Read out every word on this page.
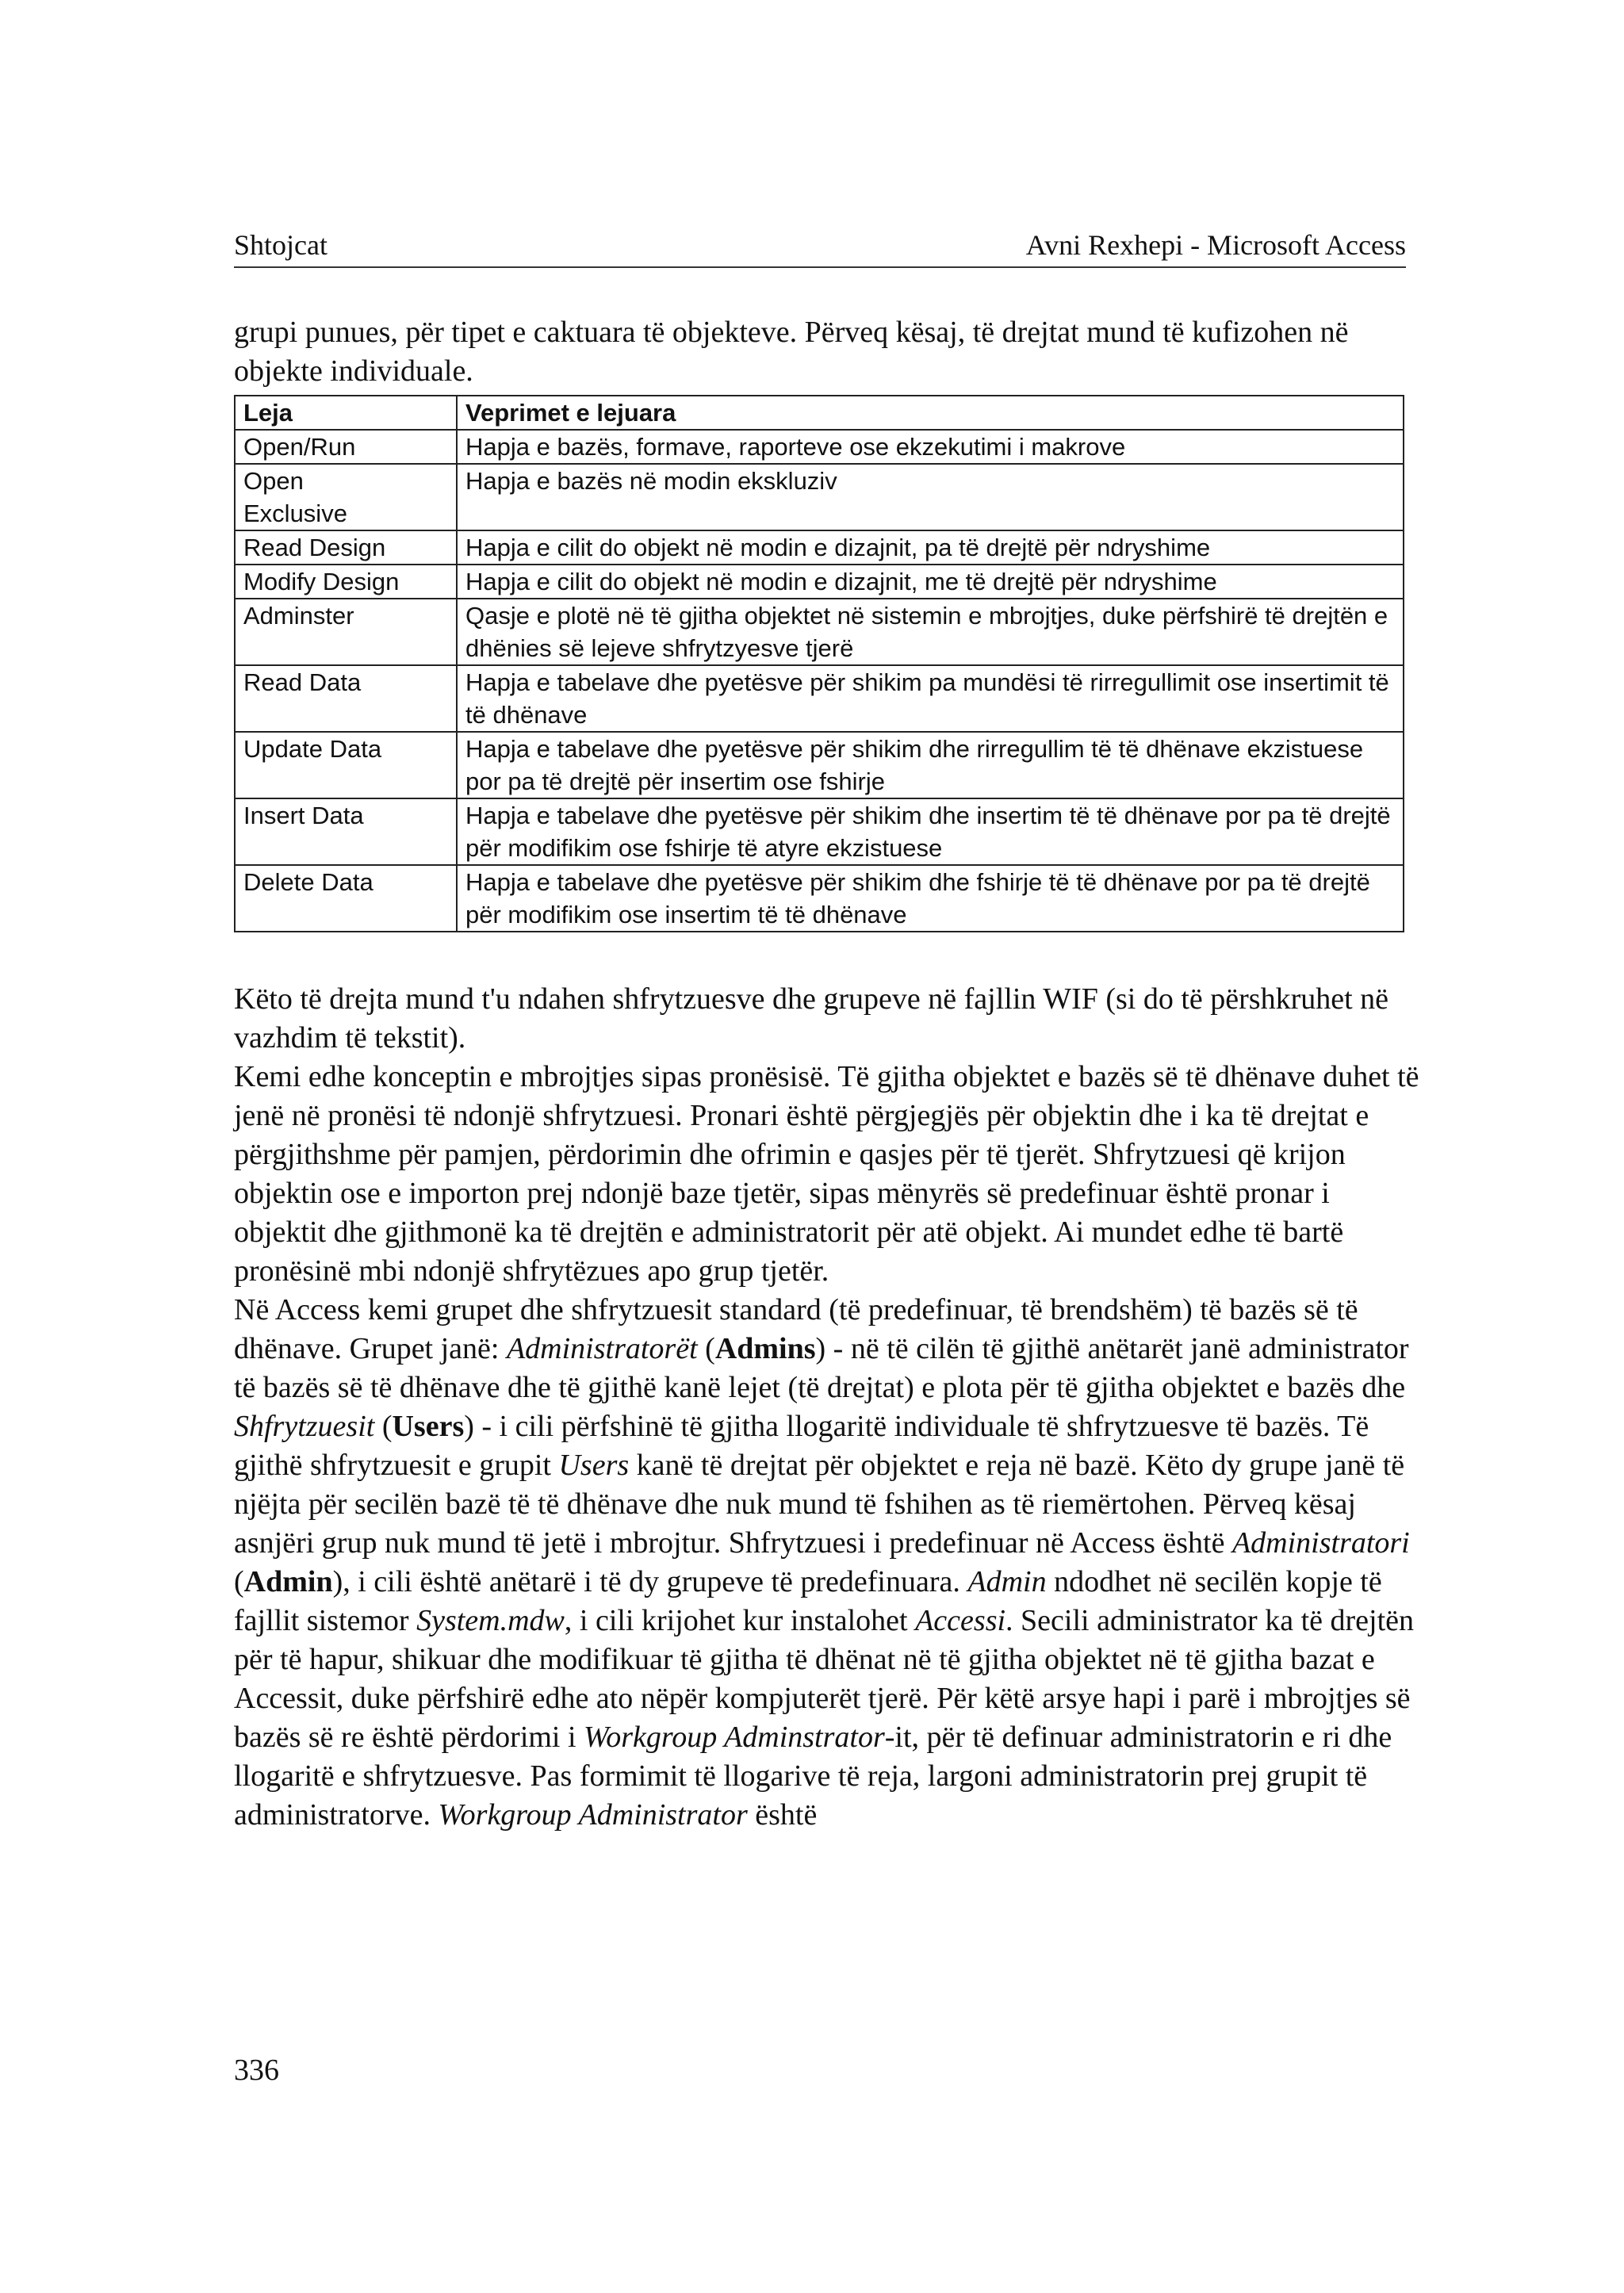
Shtojcat	Avni Rexhepi - Microsoft Access

grupi punues, për tipet e caktuara të objekteve. Përveq kësaj, të drejtat mund të kufizohen në objekte individuale.

Leja	Veprimet e lejuara
Open/Run	Hapja e bazës, formave, raporteve ose ekzekutimi i makrove
Open Exclusive	Hapja e bazës në modin ekskluziv
Read Design	Hapja e cilit do objekt në modin e dizajnit, pa të drejtë për ndryshime
Modify Design	Hapja e cilit do objekt në modin e dizajnit, me të drejtë për ndryshime
Adminster	Qasje e plotë në të gjitha objektet në sistemin e mbrojtjes, duke përfshirë të drejtën e dhënies së lejeve shfrytzyesve tjerë
Read Data	Hapja e tabelave dhe pyetësve për shikim pa mundësi të rirregullimit ose insertimit të të dhënave
Update Data	Hapja e tabelave dhe pyetësve për shikim dhe rirregullim të të dhënave ekzistuese por pa të drejtë për insertim ose fshirje
Insert Data	Hapja e tabelave dhe pyetësve për shikim dhe insertim të të dhënave por pa të drejtë për modifikim ose fshirje të atyre ekzistuese
Delete Data	Hapja e tabelave dhe pyetësve për shikim dhe fshirje të të dhënave por pa të drejtë për modifikim ose insertim të të dhënave

Këto të drejta mund t'u ndahen shfrytzuesve dhe grupeve në fajllin WIF (si do të përshkruhet në vazhdim të tekstit).

Kemi edhe konceptin e mbrojtjes sipas pronësisë. Të gjitha objektet e bazës së të dhënave duhet të jenë në pronësi të ndonjë shfrytzuesi. Pronari është përgjegjës për objektin dhe i ka të drejtat e përgjithshme për pamjen, përdorimin dhe ofrimin e qasjes për të tjerët. Shfrytzuesi që krijon objektin ose e importon prej ndonjë baze tjetër, sipas mënyrës së predefinuar është pronar i objektit dhe gjithmonë ka të drejtën e administratorit për atë objekt. Ai mundet edhe të bartë pronësinë mbi ndonjë shfrytëzues apo grup tjetër.

Në Access kemi grupet dhe shfrytzuesit standard (të predefinuar, të brendshëm) të bazës së të dhënave. Grupet janë: Administratorët (Admins) - në të cilën të gjithë anëtarët janë administrator të bazës së të dhënave dhe të gjithë kanë lejet (të drejtat) e plota për të gjitha objektet e bazës dhe Shfrytzuesit (Users) - i cili përfshinë të gjitha llogaritë individuale të shfrytzuesve të bazës. Të gjithë shfrytzuesit e grupit Users kanë të drejtat për objektet e reja në bazë. Këto dy grupe janë të njëjta për secilën bazë të të dhënave dhe nuk mund të fshihen as të riemërtohen. Përveq kësaj asnjëri grup nuk mund të jetë i mbrojtur. Shfrytzuesi i predefinuar në Access është Administratori (Admin), i cili është anëtarë i të dy grupeve të predefinuara. Admin ndodhet në secilën kopje të fajllit sistemor System.mdw, i cili krijohet kur instalohet Accessi. Secili administrator ka të drejtën për të hapur, shikuar dhe modifikuar të gjitha të dhënat në të gjitha objektet në të gjitha bazat e Accessit, duke përfshirë edhe ato nëpër kompjuterët tjerë. Për këtë arsye hapi i parë i mbrojtjes së bazës së re është përdorimi i Workgroup Adminstrator-it, për të definuar administratorin e ri dhe llogaritë e shfrytzuesve. Pas formimit të llogarive të reja, largoni administratorin prej grupit të administratorve. Workgroup Administrator është

336
